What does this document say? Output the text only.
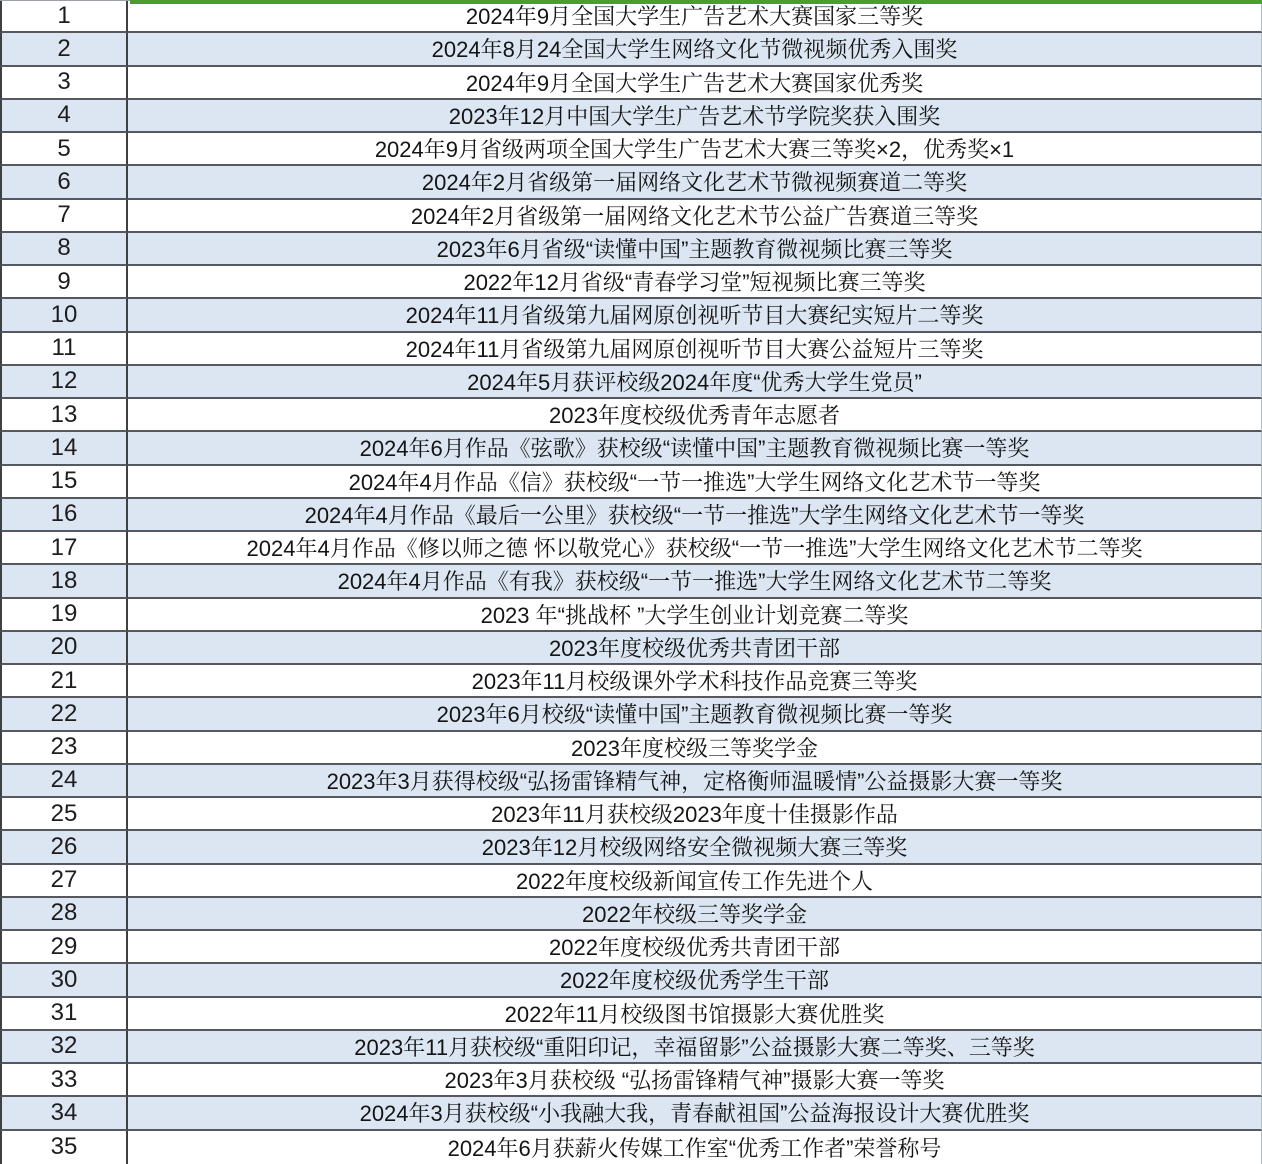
1	2024年9月全国大学生广告艺术大赛国家三等奖
2	2024年8月24全国大学生网络文化节微视频优秀入围奖
3	2024年9月全国大学生广告艺术大赛国家优秀奖
4	2023年12月中国大学生广告艺术节学院奖获入围奖
5	2024年9月省级两项全国大学生广告艺术大赛三等奖×2，优秀奖×1
6	2024年2月省级第一届网络文化艺术节微视频赛道二等奖
7	2024年2月省级第一届网络文化艺术节公益广告赛道三等奖
8	2023年6月省级“读懂中国”主题教育微视频比赛三等奖
9	2022年12月省级“青春学习堂”短视频比赛三等奖
10	2024年11月省级第九届网原创视听节目大赛纪实短片二等奖
11	2024年11月省级第九届网原创视听节目大赛公益短片三等奖
12	2024年5月获评校级2024年度“优秀大学生党员”
13	2023年度校级优秀青年志愿者
14	2024年6月作品《弦歌》获校级“读懂中国”主题教育微视频比赛一等奖
15	2024年4月作品《信》获校级“一节一推选”大学生网络文化艺术节一等奖
16	2024年4月作品《最后一公里》获校级“一节一推选”大学生网络文化艺术节一等奖
17	2024年4月作品《修以师之德 怀以敬党心》获校级“一节一推选”大学生网络文化艺术节二等奖
18	2024年4月作品《有我》获校级“一节一推选”大学生网络文化艺术节二等奖
19	2023 年“挑战杯 ”大学生创业计划竞赛二等奖
20	2023年度校级优秀共青团干部
21	2023年11月校级课外学术科技作品竞赛三等奖
22	2023年6月校级“读懂中国”主题教育微视频比赛一等奖
23	2023年度校级三等奖学金
24	2023年3月获得校级“弘扬雷锋精气神，定格衡师温暖情”公益摄影大赛一等奖
25	2023年11月获校级2023年度十佳摄影作品
26	2023年12月校级网络安全微视频大赛三等奖
27	2022年度校级新闻宣传工作先进个人
28	2022年校级三等奖学金
29	2022年度校级优秀共青团干部
30	2022年度校级优秀学生干部
31	2022年11月校级图书馆摄影大赛优胜奖
32	2023年11月获校级“重阳印记，幸福留影”公益摄影大赛二等奖、三等奖
33	2023年3月获校级 “弘扬雷锋精气神”摄影大赛一等奖
34	2024年3月获校级“小我融大我，青春献祖国”公益海报设计大赛优胜奖
35	2024年6月获薪火传媒工作室“优秀工作者”荣誉称号
